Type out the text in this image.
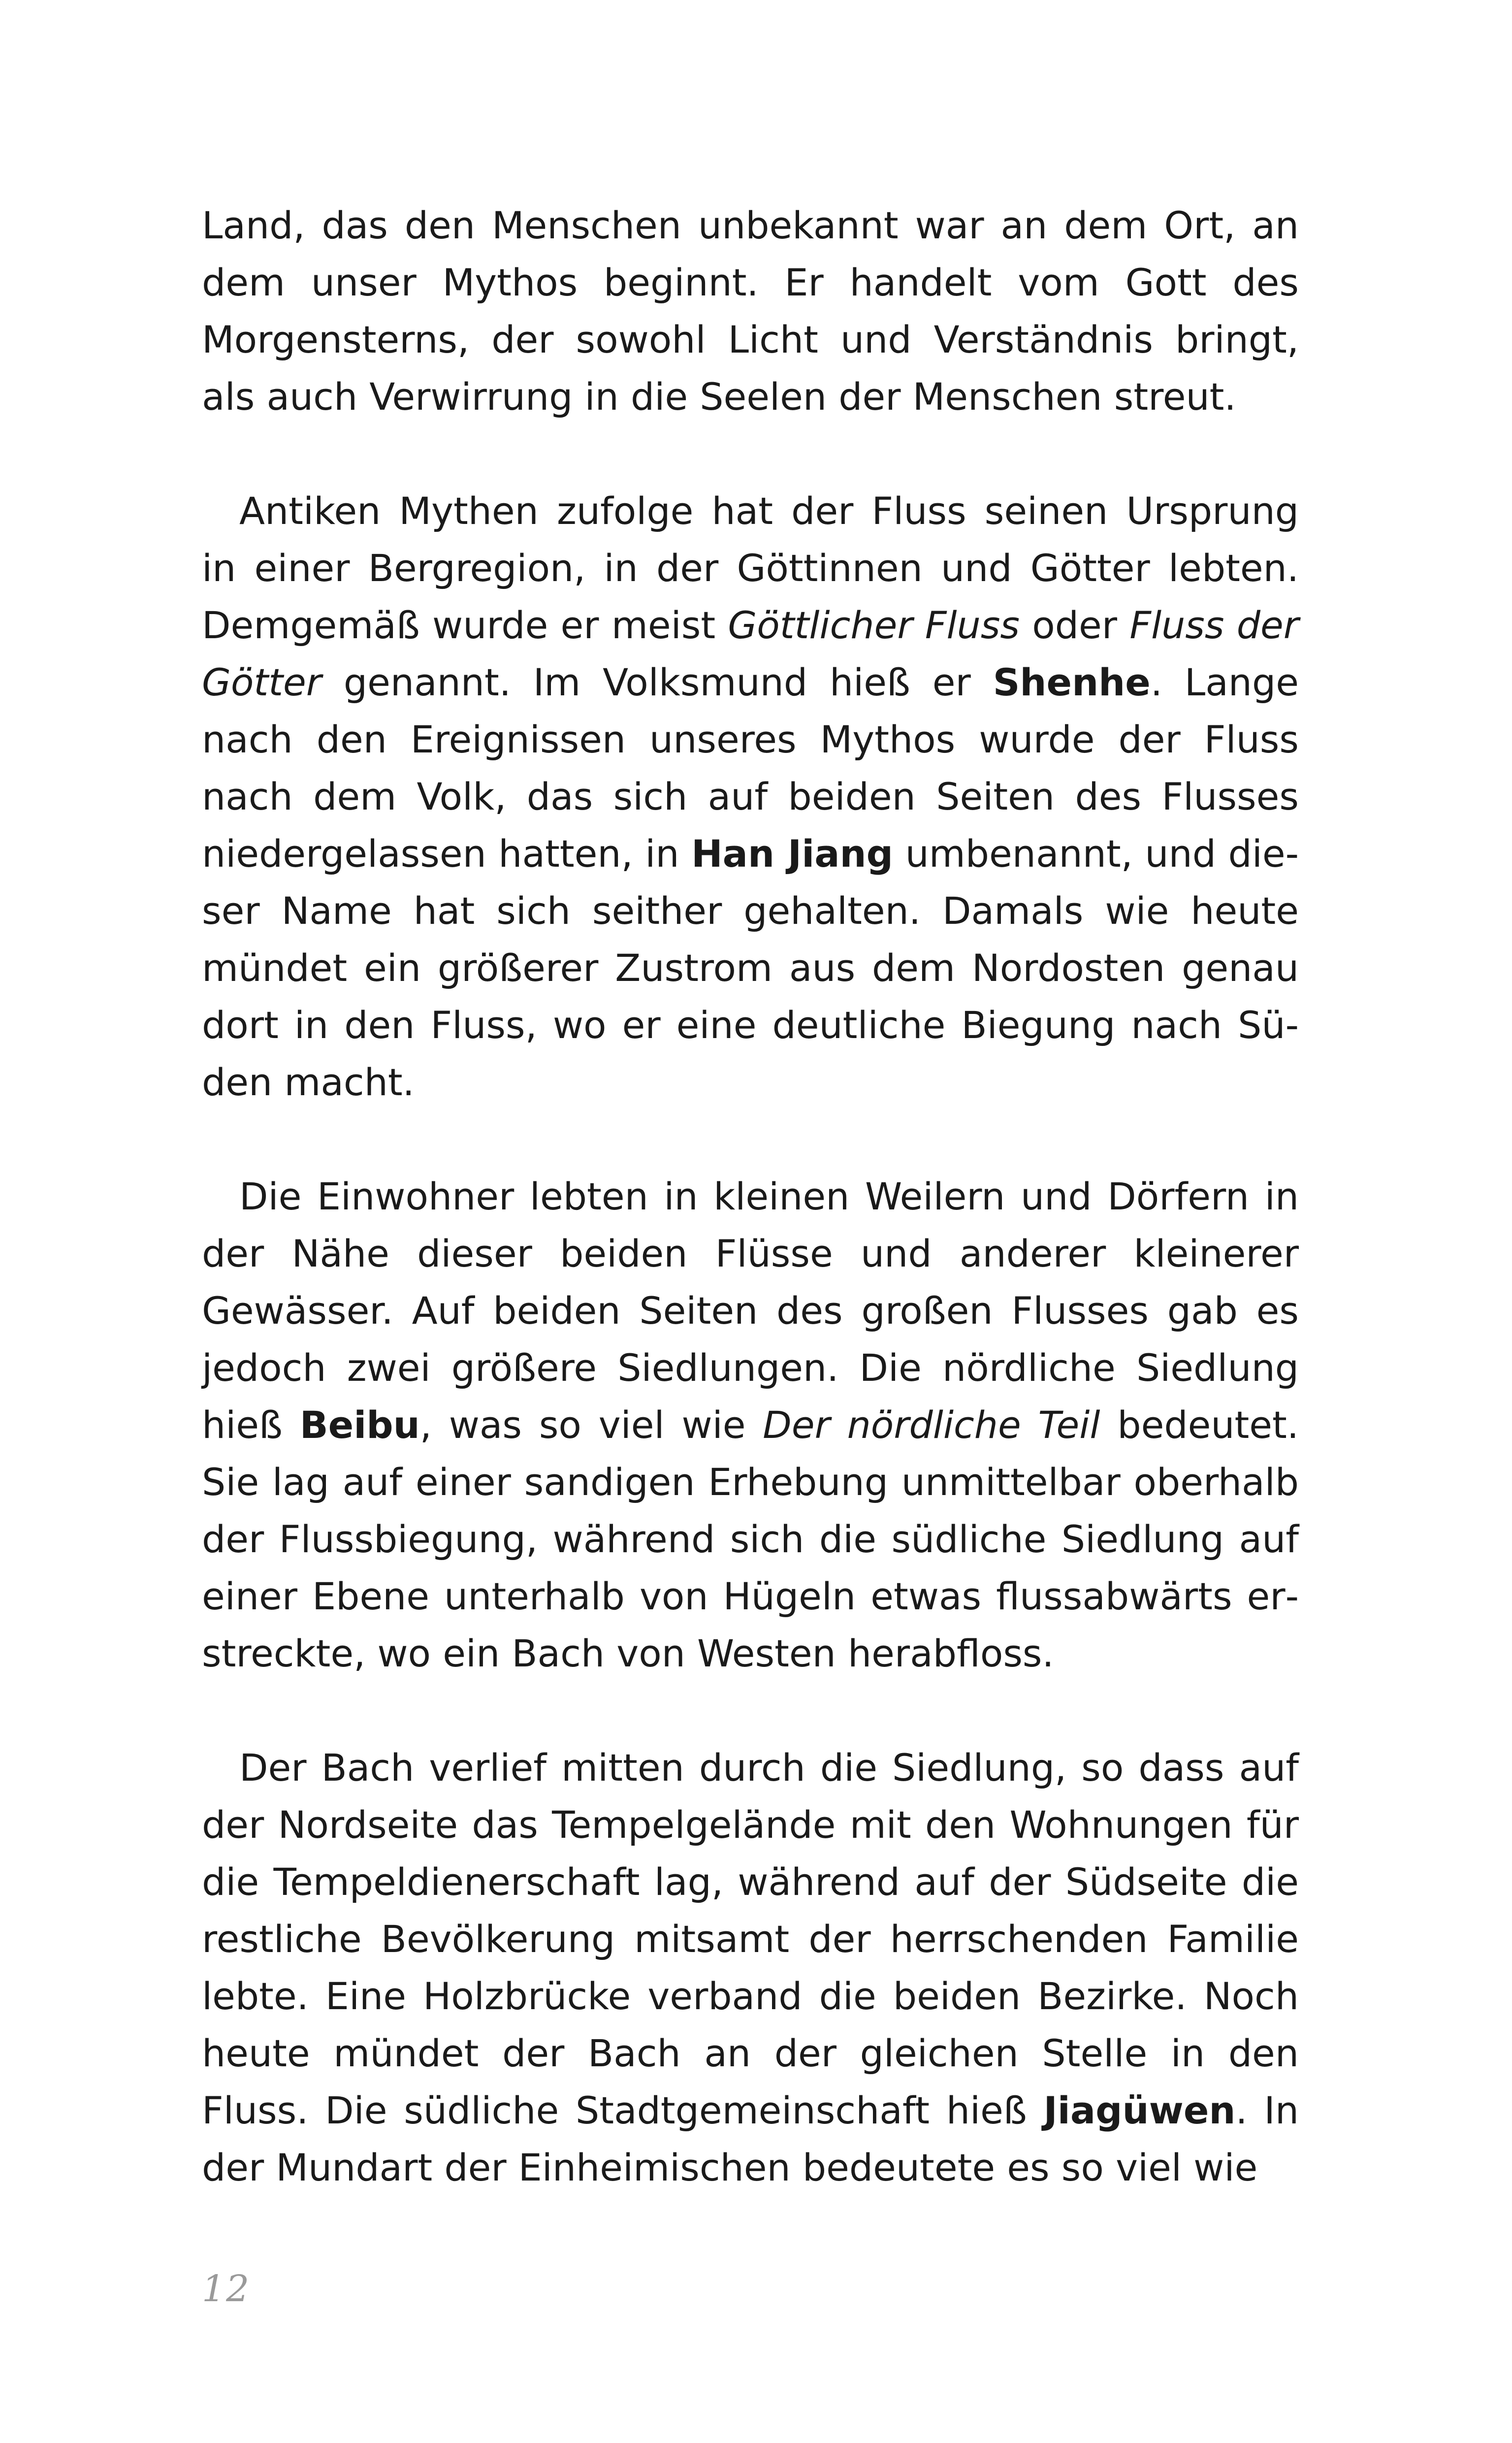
Land, das den Menschen unbekannt war an dem Ort, an dem unser Mythos beginnt. Er handelt vom Gott des Morgensterns, der sowohl Licht und Verständnis bringt, als auch Verwirrung in die Seelen der Menschen streut.

Antiken Mythen zufolge hat der Fluss seinen Ursprung in einer Bergregion, in der Göttinnen und Götter lebten. Demgemäß wurde er meist Göttlicher Fluss oder Fluss der Götter genannt. Im Volksmund hieß er Shenhe. Lange nach den Ereignissen unseres Mythos wurde der Fluss nach dem Volk, das sich auf beiden Seiten des Flusses niedergelassen hatten, in Han Jiang umbenannt, und dieser Name hat sich seither gehalten. Damals wie heute mündet ein größerer Zustrom aus dem Nordosten genau dort in den Fluss, wo er eine deutliche Biegung nach Süden macht.

Die Einwohner lebten in kleinen Weilern und Dörfern in der Nähe dieser beiden Flüsse und anderer kleinerer Gewässer. Auf beiden Seiten des großen Flusses gab es jedoch zwei größere Siedlungen. Die nördliche Siedlung hieß Beibu, was so viel wie Der nördliche Teil bedeutet. Sie lag auf einer sandigen Erhebung unmittelbar oberhalb der Flussbiegung, während sich die südliche Siedlung auf einer Ebene unterhalb von Hügeln etwas flussabwärts erstreckte, wo ein Bach von Westen herabfloss.

Der Bach verlief mitten durch die Siedlung, so dass auf der Nordseite das Tempelgelände mit den Wohnungen für die Tempeldienerschaft lag, während auf der Südseite die restliche Bevölkerung mitsamt der herrschenden Familie lebte. Eine Holzbrücke verband die beiden Bezirke. Noch heute mündet der Bach an der gleichen Stelle in den Fluss. Die südliche Stadtgemeinschaft hieß Jiagüwen. In der Mundart der Einheimischen bedeutete es so viel wie

12
